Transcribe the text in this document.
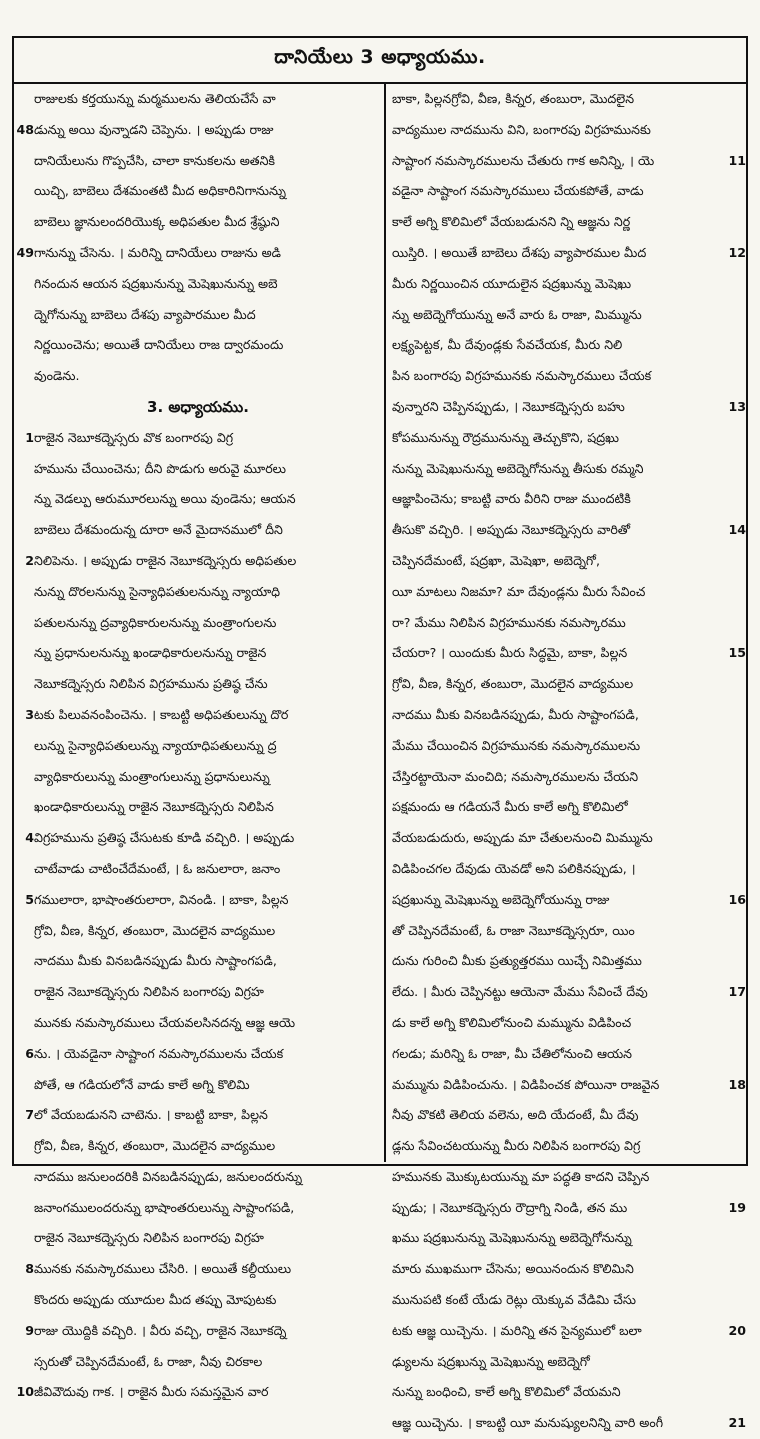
దానియేలు 3 అధ్యాయము.
రాజులకు కర్తయున్ను మర్మములను తెలియచేసే వా
48 డున్ను అయి వున్నాడని చెప్పెను. । అప్పుడు రాజు
దానియేలును గొప్పచేసి, చాలా కానుకలను అతనికి
యిచ్చి, బాబెలు దేశమంతటి మీద అధికారినిగానున్ను
బాబెలు జ్ఞానులందరియొక్క అధిపతుల మీద శ్రేష్ఠుని
49 గానున్ను చేసెను. । మరిన్ని దానియేలు రాజును అడి
గినందున ఆయన షద్రఖునున్ను మెషెఖునున్ను అబె
ద్నెగోనున్ను బాబెలు దేశపు వ్యాపారముల మీద
నిర్ణయించెను; అయితే దానియేలు రాజ ద్వారమందు
వుండెను.
3. అధ్యాయము.
1 రాజైన నెబూకద్నెస్సరు వొక బంగారపు విగ్ర
హమును చేయించెను; దీని పొడుగు అరువై మూరలు
న్ను వెడల్పు ఆరుమూరలున్ను అయి వుండెను; ఆయన
బాబెలు దేశమందున్న దూరా అనే మైదానములో దీని
2 నిలిపెను. । అప్పుడు రాజైన నెబూకద్నెస్సరు అధిపతుల
నున్ను దొరలనున్ను సైన్యాధిపతులనున్ను న్యాయాధి
పతులనున్ను ద్రవ్యాధికారులనున్ను మంత్రాంగులను
న్ను ప్రధానులనున్ను ఖండాధికారులనున్ను రాజైన
నెబూకద్నెస్సరు నిలిపిన విగ్రహమును ప్రతిష్ఠ చేను
3 టకు పిలువనంపించెను. । కాబట్టి అధిపతులున్ను దొర
లున్ను సైన్యాధిపతులున్ను న్యాయాధిపతులున్ను ద్ర
వ్యాధికారులున్ను మంత్రాంగులున్ను ప్రధానులున్ను
ఖండాధికారులున్ను రాజైన నెబూకద్నెస్సరు నిలిపిన
4 విగ్రహమును ప్రతిష్ఠ చేసుటకు కూడి వచ్చిరి. । అప్పుడు
చాటేవాడు చాటించేదేమంటే, । ఓ జనులారా, జనాం
5 గములారా, భాషాంతరులారా, వినండి. । బాకా, పిల్లన
గ్రోవి, వీణ, కిన్నర, తంబురా, మొదలైన వాద్యముల
నాదము మీకు వినబడినప్పుడు మీరు సాష్టాంగపడి,
రాజైన నెబూకద్నెస్సరు నిలిపిన బంగారపు విగ్రహ
మునకు నమస్కారములు చేయవలసినదన్న ఆజ్ఞ ఆయె
6 ను. । యెవడైనా సాష్టాంగ నమస్కారములను చేయక
పోతే, ఆ గడియలోనే వాడు కాలే అగ్ని కొలిమి
7 లో వేయబడునని చాటెను. । కాబట్టి బాకా, పిల్లన
గ్రోవి, వీణ, కిన్నర, తంబురా, మొదలైన వాద్యముల
నాదము జనులందరికి వినబడినప్పుడు, జనులందరున్ను
జనాంగములందరున్ను భాషాంతరులున్ను సాష్టాంగపడి,
రాజైన నెబూకద్నెస్సరు నిలిపిన బంగారపు విగ్రహ
8 మునకు నమస్కారములు చేసిరి. । అయితే కల్దీయులు
కొందరు అప్పుడు యూదుల మీద తప్పు మోపుటకు
9 రాజు యొద్దికి వచ్చిరి. । వీరు వచ్చి, రాజైన నెబూకద్నె
స్సరుతో చెప్పినదేమంటే, ఓ రాజా, నీవు చిరకాల
10 జీవివౌదువు గాక. । రాజైన మీరు సమస్తమైన వార
బాకా, పిల్లనగ్రోవి, వీణ, కిన్నర, తంబురా, మొదలైన
వాద్యముల నాదమును విని, బంగారపు విగ్రహమునకు
11
సాష్టాంగ నమస్కారములను చేతురు గాక అనిన్ని, । యె
వడైనా సాష్టాంగ నమస్కారములు చేయకపోతే, వాడు
కాలే అగ్ని కొలిమిలో వేయబడునని న్ని ఆజ్ఞను నిర్ణ
12
యిస్తిరి. । అయితే బాబెలు దేశపు వ్యాపారముల మీద
మీరు నిర్ణయించిన యూదులైన షద్రఖున్ను మెషెఖు
న్ను అబెద్నెగోయున్ను అనే వారు ఓ రాజా, మిమ్మును
లక్ష్యపెట్టక, మీ దేవుండ్లకు సేవచేయక, మీరు నిలి
పిన బంగారపు విగ్రహమునకు నమస్కారములు చేయక
13
వున్నారని చెప్పినప్పుడు, । నెబూకద్నెస్సరు బహు
కోపమునున్ను రౌద్రమునున్ను తెచ్చుకొని, షద్రఖు
నున్ను మెషెఖునున్ను అబెద్నెగోనున్ను తీసుకు రమ్మని
ఆజ్ఞాపించెను; కాబట్టి వారు వీరిని రాజు ముందటికి
14
తీసుకొ వచ్చిరి. । అప్పుడు నెబూకద్నెస్సరు వారితో
చెప్పినదేమంటే, షద్రఖా, మెషెఖా, అబెద్నెగో,
యీ మాటలు నిజమా? మా దేవుండ్లను మీరు సేవించ
రా? మేము నిలిపిన విగ్రహమునకు నమస్కారము
15
చేయరా? । యిందుకు మీరు సిద్ధమై, బాకా, పిల్లన
గ్రోవి, వీణ, కిన్నర, తంబురా, మొదలైన వాద్యముల
నాదము మీకు వినబడినప్పుడు, మీరు సాష్టాంగపడి,
మేము చేయించిన విగ్రహమునకు నమస్కారములను
చేస్తిరట్టాయెనా మంచిది; నమస్కారములను చేయని
పక్షమందు ఆ గడియనే మీరు కాలే అగ్ని కొలిమిలో
వేయబడుదురు, అప్పుడు మా చేతులనుంచి మిమ్మును
విడిపించగల దేవుడు యెవడో అని పలికినప్పుడు, ।
16
షద్రఖున్ను మెషెఖున్ను అబెద్నెగోయున్ను రాజు
తో చెప్పినదేమంటే, ఓ రాజా నెబూకద్నెస్సరూ, యిం
దును గురించి మీకు ప్రత్యుత్తరము యిచ్చే నిమిత్తము
17
లేదు. । మీరు చెప్పినట్టు ఆయెనా మేము సేవించే దేవు
డు కాలే అగ్ని కొలిమిలోనుంచి మమ్మును విడిపించ
గలడు; మరిన్ని ఓ రాజా, మీ చేతిలోనుంచి ఆయన
18
మమ్మును విడిపించును. । విడిపించక పోయినా రాజవైన
నీవు వొకటి తెలియ వలెను, అది యేదంటే, మీ దేవు
డ్లను సేవించటయున్ను మీరు నిలిపిన బంగారపు విగ్ర
హమునకు మొక్కుటయున్ను మా పద్ధతి కాదని చెప్పిన
19
ప్పుడు; । నెబూకద్నెస్సరు రౌద్రాగ్ని నిండి, తన ము
ఖము షద్రఖునున్ను మెషెఖునున్ను అబెద్నెగోనున్ను
మారు ముఖముగా చేసెను; అయినందున కొలిమిని
మునుపటి కంటే యేడు రెట్లు యెక్కువ వేడిమి చేసు
20
టకు ఆజ్ఞ యిచ్చెను. । మరిన్ని తన సైన్యములో బలా
ఢ్యులను షద్రఖున్ను మెషెఖున్ను అబెద్నెగో
నున్ను బంధించి, కాలే అగ్ని కొలిమిలో వేయమని
21
ఆజ్ఞ యిచ్చెను. । కాబట్టి యీ మనుష్యులనిన్ని వారి అంగీ
